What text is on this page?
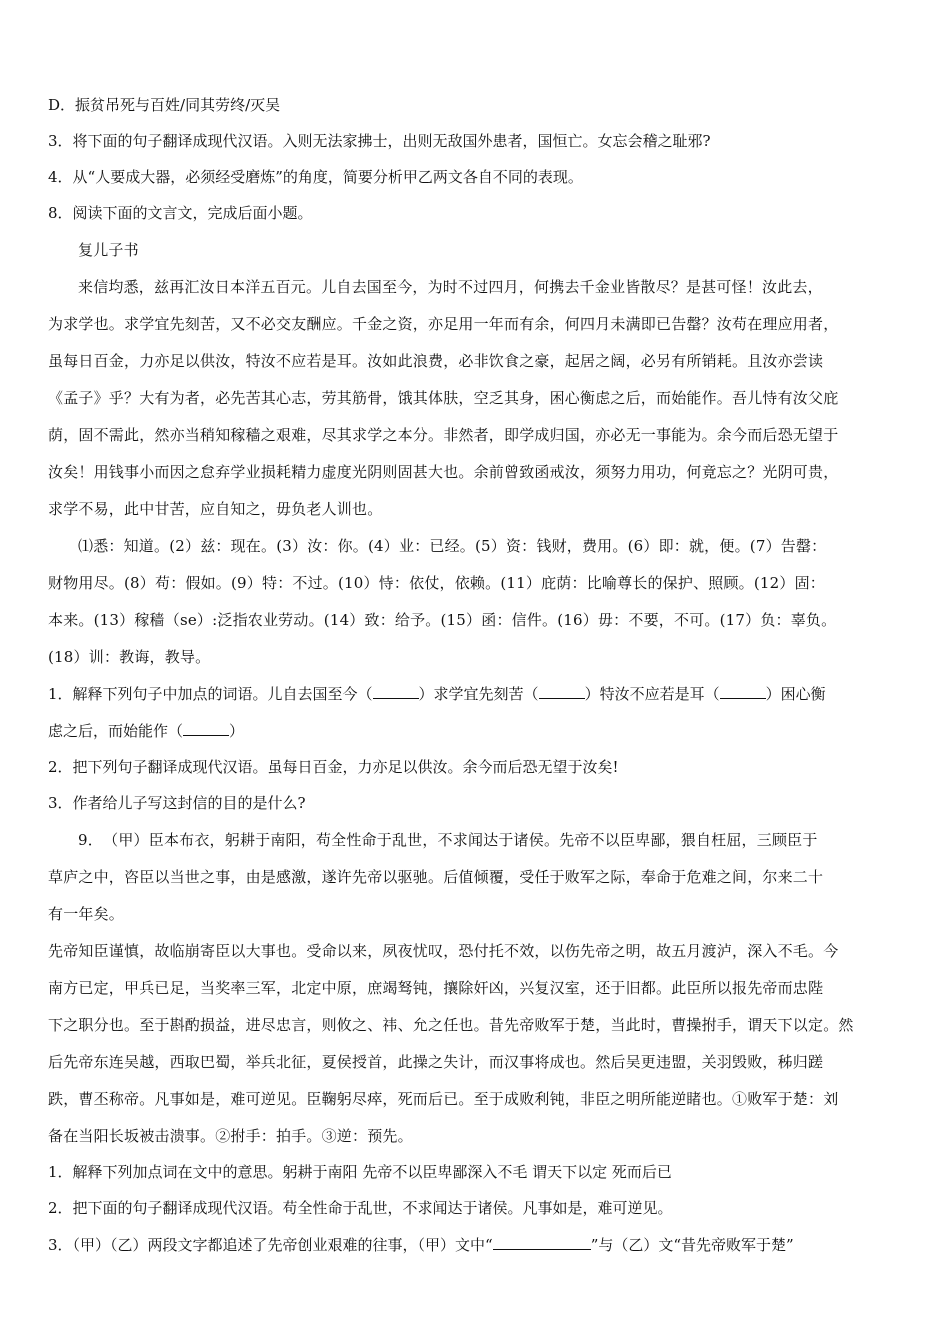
D．振贫吊死与百姓/同其劳终/灭吴
3．将下面的句子翻译成现代汉语。入则无法家拂士，出则无敌国外患者，国恒亡。女忘会稽之耻邪?
4．从“人要成大器，必须经受磨炼”的角度，简要分析甲乙两文各自不同的表现。
8．阅读下面的文言文，完成后面小题。
复儿子书
来信均悉，兹再汇汝日本洋五百元。儿自去国至今，为时不过四月，何携去千金业皆散尽？是甚可怪！汝此去，
为求学也。求学宜先刻苦，又不必交友酬应。千金之资，亦足用一年而有余，何四月未满即已告罄？汝苟在理应用者，
虽每日百金，力亦足以供汝，特汝不应若是耳。汝如此浪费，必非饮食之豪，起居之阔，必另有所销耗。且汝亦尝读
《孟子》乎？大有为者，必先苦其心志，劳其筋骨，饿其体肤，空乏其身，困心衡虑之后，而始能作。吾儿恃有汝父庇
荫，固不需此，然亦当稍知稼穑之艰难，尽其求学之本分。非然者，即学成归国，亦必无一事能为。余今而后恐无望于
汝矣！用钱事小而因之怠弃学业损耗精力虚度光阴则固甚大也。余前曾致函戒汝，须努力用功，何竟忘之？光阴可贵，
求学不易，此中甘苦，应自知之，毋负老人训也。
⑴悉：知道。(2）兹：现在。(3）汝：你。(4）业：已经。(5）资：钱财，费用。(6）即：就，便。(7）告罄：
财物用尽。(8）苟：假如。(9）特：不过。(10）恃：依仗，依赖。(11）庇荫：比喻尊长的保护、照顾。(12）固：
本来。(13）稼穑（se）:泛指农业劳动。(14）致：给予。(15）函：信件。(16）毋：不要，不可。(17）负：辜负。
(18）训：教诲，教导。
1．解释下列句子中加点的词语。儿自去国至今（	）求学宜先刻苦（	）特汝不应若是耳（	）困心衡
虑之后，而始能作（	）
2．把下列句子翻译成现代汉语。虽每日百金，力亦足以供汝。余今而后恐无望于汝矣!
3．作者给儿子写这封信的目的是什么?
9．　（甲）臣本布衣，躬耕于南阳，苟全性命于乱世，不求闻达于诸侯。先帝不以臣卑鄙，猥自枉屈，三顾臣于
草庐之中，咨臣以当世之事，由是感激，遂许先帝以驱驰。后值倾覆，受任于败军之际，奉命于危难之间，尔来二十
有一年矣。
先帝知臣谨慎，故临崩寄臣以大事也。受命以来，夙夜忧叹，恐付托不效，以伤先帝之明，故五月渡泸，深入不毛。今
南方已定，甲兵已足，当奖率三军，北定中原，庶竭驽钝，攘除奸凶，兴复汉室，还于旧都。此臣所以报先帝而忠陛
下之职分也。至于斟酌损益，进尽忠言，则攸之、祎、允之任也。昔先帝败军于楚，当此时，曹操拊手，谓天下以定。然
后先帝东连吴越，西取巴蜀，举兵北征，夏侯授首，此操之失计，而汉事将成也。然后吴更违盟，关羽毁败，秭归蹉
跌，曹丕称帝。凡事如是，难可逆见。臣鞠躬尽瘁，死而后已。至于成败利钝，非臣之明所能逆睹也。①败军于楚：刘
备在当阳长坂被击溃事。②拊手：拍手。③逆：预先。
1．解释下列加点词在文中的意思。躬耕于南阳 先帝不以臣卑鄙深入不毛 谓天下以定 死而后已
2．把下面的句子翻译成现代汉语。苟全性命于乱世，不求闻达于诸侯。凡事如是，难可逆见。
3．（甲）（乙）两段文字都追述了先帝创业艰难的往事，（甲）文中“	”与（乙）文“昔先帝败军于楚”
